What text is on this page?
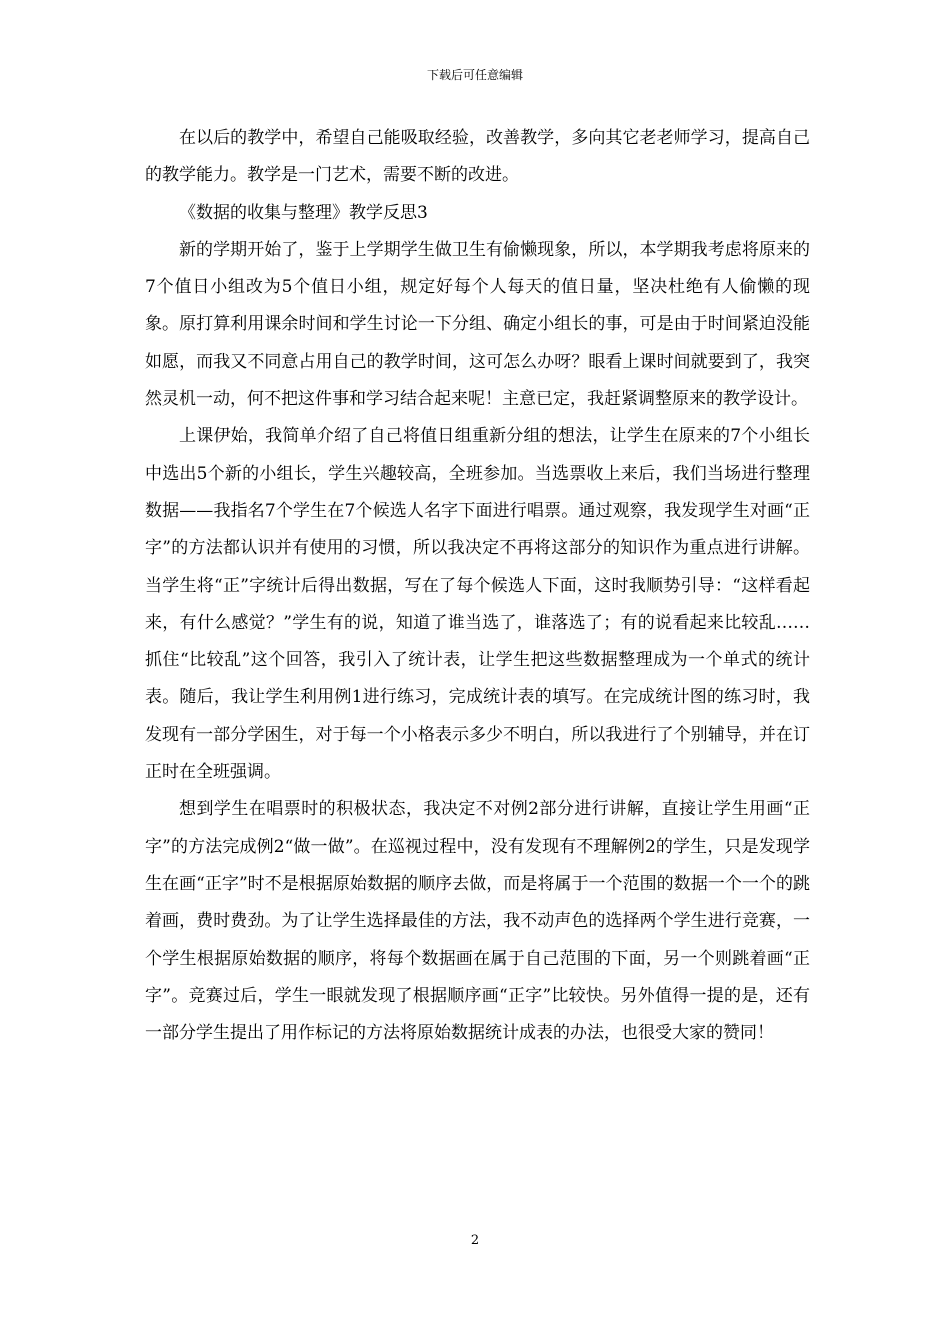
下载后可任意编辑

在以后的教学中，希望自己能吸取经验，改善教学，多向其它老老师学习，提高自己的教学能力。教学是一门艺术，需要不断的改进。

《数据的收集与整理》教学反思3

新的学期开始了，鉴于上学期学生做卫生有偷懒现象，所以，本学期我考虑将原来的7个值日小组改为5个值日小组，规定好每个人每天的值日量，坚决杜绝有人偷懒的现象。原打算利用课余时间和学生讨论一下分组、确定小组长的事，可是由于时间紧迫没能如愿，而我又不同意占用自己的教学时间，这可怎么办呀？眼看上课时间就要到了，我突然灵机一动，何不把这件事和学习结合起来呢！主意已定，我赶紧调整原来的教学设计。

上课伊始，我简单介绍了自己将值日组重新分组的想法，让学生在原来的7个小组长中选出5个新的小组长，学生兴趣较高，全班参加。当选票收上来后，我们当场进行整理数据——我指名7个学生在7个候选人名字下面进行唱票。通过观察，我发现学生对画“正字”的方法都认识并有使用的习惯，所以我决定不再将这部分的知识作为重点进行讲解。当学生将“正”字统计后得出数据，写在了每个候选人下面，这时我顺势引导：“这样看起来，有什么感觉？”学生有的说，知道了谁当选了，谁落选了；有的说看起来比较乱……抓住“比较乱”这个回答，我引入了统计表，让学生把这些数据整理成为一个单式的统计表。随后，我让学生利用例1进行练习，完成统计表的填写。在完成统计图的练习时，我发现有一部分学困生，对于每一个小格表示多少不明白，所以我进行了个别辅导，并在订正时在全班强调。

想到学生在唱票时的积极状态，我决定不对例2部分进行讲解，直接让学生用画“正字”的方法完成例2“做一做”。在巡视过程中，没有发现有不理解例2的学生，只是发现学生在画“正字”时不是根据原始数据的顺序去做，而是将属于一个范围的数据一个一个的跳着画，费时费劲。为了让学生选择最佳的方法，我不动声色的选择两个学生进行竞赛，一个学生根据原始数据的顺序，将每个数据画在属于自己范围的下面，另一个则跳着画“正字”。竞赛过后，学生一眼就发现了根据顺序画“正字”比较快。另外值得一提的是，还有一部分学生提出了用作标记的方法将原始数据统计成表的办法，也很受大家的赞同！

2
